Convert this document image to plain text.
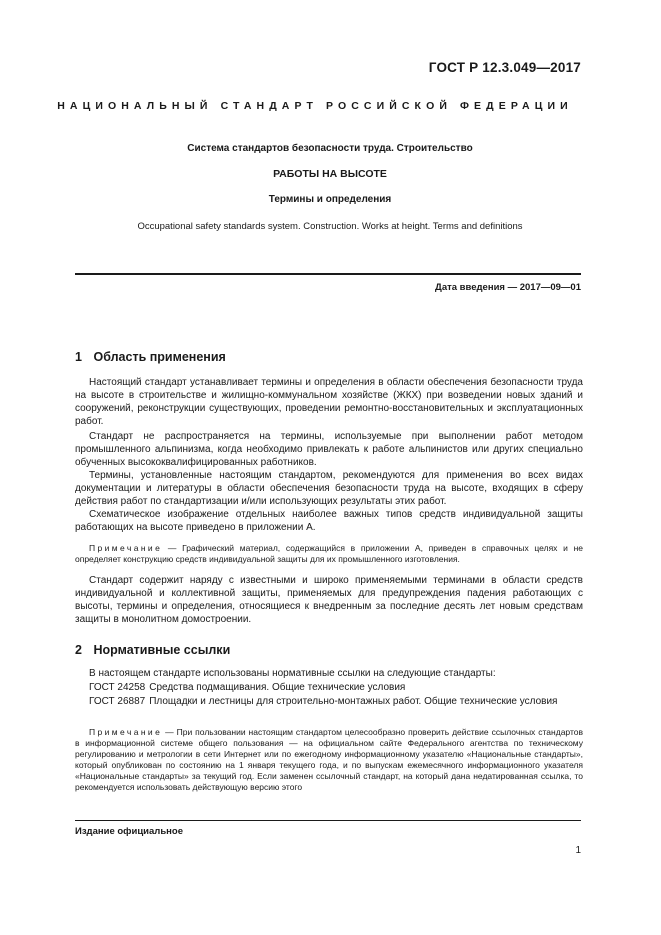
ГОСТ Р 12.3.049—2017
НАЦИОНАЛЬНЫЙ СТАНДАРТ РОССИЙСКОЙ ФЕДЕРАЦИИ
Система стандартов безопасности труда. Строительство
РАБОТЫ НА ВЫСОТЕ
Термины и определения
Occupational safety standards system. Construction. Works at height. Terms and definitions
Дата введения — 2017—09—01
1 Область применения

Настоящий стандарт устанавливает термины и определения в области обеспечения безопасности труда на высоте в строительстве и жилищно-коммунальном хозяйстве (ЖКХ) при возведении новых зданий и сооружений, реконструкции существующих, проведении ремонтно-восстановительных и эксплуатационных работ.

Стандарт не распространяется на термины, используемые при выполнении работ методом промышленного альпинизма, когда необходимо привлекать к работе альпинистов или других специально обученных высококвалифицированных работников.

Термины, установленные настоящим стандартом, рекомендуются для применения во всех видах документации и литературы в области обеспечения безопасности труда на высоте, входящих в сферу действия работ по стандартизации и/или использующих результаты этих работ.

Схематическое изображение отдельных наиболее важных типов средств индивидуальной защиты работающих на высоте приведено в приложении А.

Примечание — Графический материал, содержащийся в приложении А, приведен в справочных целях и не определяет конструкцию средств индивидуальной защиты для их промышленного изготовления.

Стандарт содержит наряду с известными и широко применяемыми терминами в области средств индивидуальной и коллективной защиты, применяемых для предупреждения падения работающих с высоты, термины и определения, относящиеся к внедренным за последние десять лет новым средствам защиты в монолитном домостроении.

2 Нормативные ссылки

В настоящем стандарте использованы нормативные ссылки на следующие стандарты:

ГОСТ 24258 Средства подмащивания. Общие технические условия

ГОСТ 26887 Площадки и лестницы для строительно-монтажных работ. Общие технические условия

Примечание — При пользовании настоящим стандартом целесообразно проверить действие ссылочных стандартов в информационной системе общего пользования — на официальном сайте Федерального агентства по техническому регулированию и метрологии в сети Интернет или по ежегодному информационному указателю «Национальные стандарты», который опубликован по состоянию на 1 января текущего года, и по выпускам ежемесячного информационного указателя «Национальные стандарты» за текущий год. Если заменен ссылочный стандарт, на который дана недатированная ссылка, то рекомендуется использовать действующую версию этого

Издание официальное
1
